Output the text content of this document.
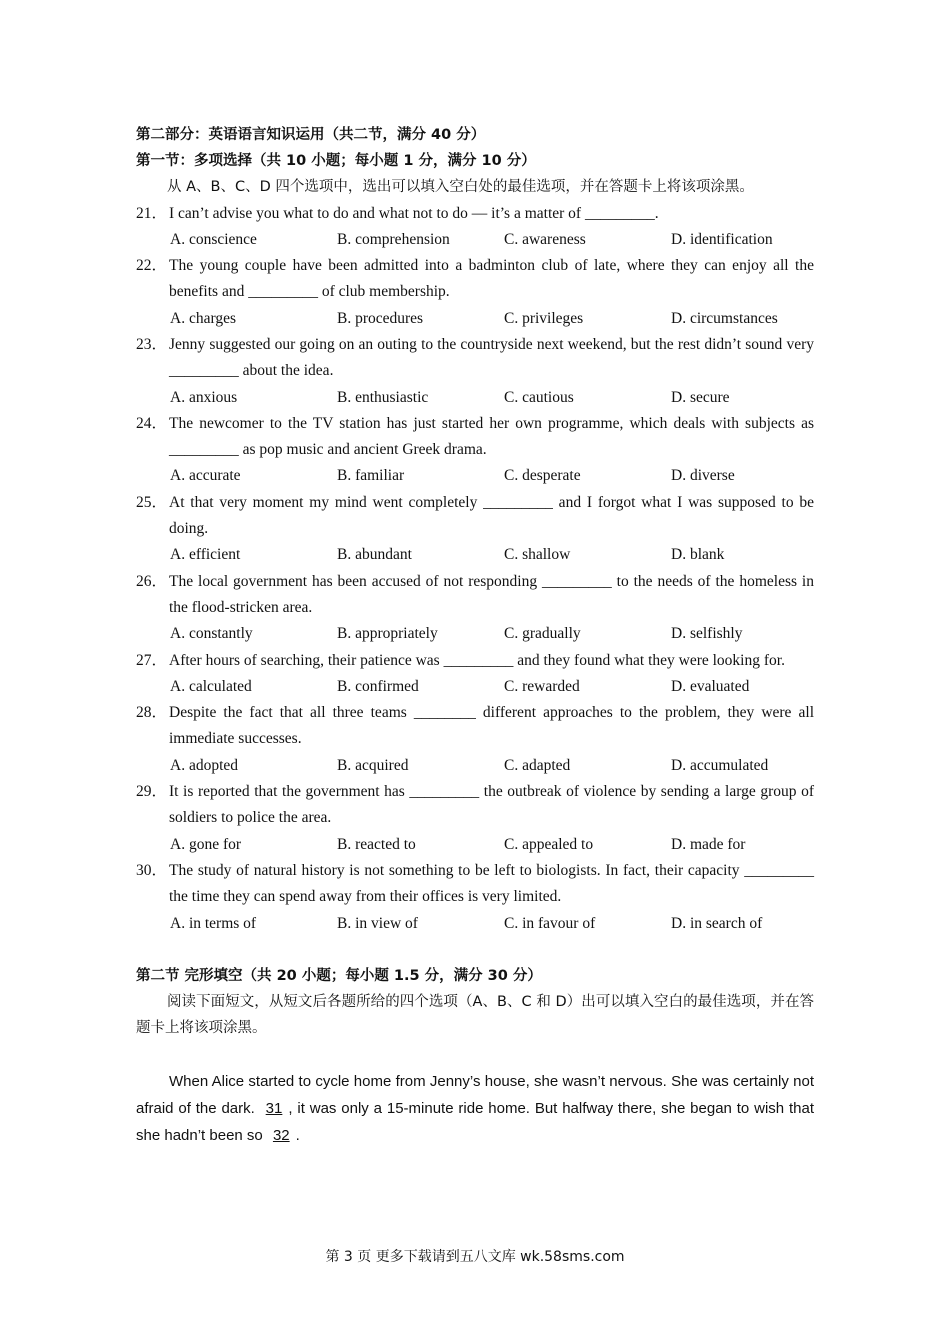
第二部分：英语语言知识运用（共二节，满分 40 分）
第一节：多项选择（共 10 小题；每小题 1 分，满分 10 分）
从 A、B、C、D 四个选项中，选出可以填入空白处的最佳选项，并在答题卡上将该项涂黑。
21． I can’t advise you what to do and what not to do — it’s a matter of _________.
A. conscience	B. comprehension	C. awareness	D. identification
22． The young couple have been admitted into a badminton club of late, where they can enjoy all the benefits and _________ of club membership.
A. charges	B. procedures	C. privileges	D. circumstances
23． Jenny suggested our going on an outing to the countryside next weekend, but the rest didn’t sound very _________ about the idea.
A. anxious	B. enthusiastic	C. cautious	D. secure
24． The newcomer to the TV station has just started her own programme, which deals with subjects as _________ as pop music and ancient Greek drama.
A. accurate	B. familiar	C. desperate	D. diverse
25． At that very moment my mind went completely _________ and I forgot what I was supposed to be doing.
A. efficient	B. abundant	C. shallow	D. blank
26． The local government has been accused of not responding _________ to the needs of the homeless in the flood-stricken area.
A. constantly	B. appropriately	C. gradually	D. selfishly
27． After hours of searching, their patience was _________ and they found what they were looking for.
A. calculated	B. confirmed	C. rewarded	D. evaluated
28． Despite the fact that all three teams ________ different approaches to the problem, they were all immediate successes.
A. adopted	B. acquired	C. adapted	D. accumulated
29． It is reported that the government has _________ the outbreak of violence by sending a large group of soldiers to police the area.
A. gone for	B. reacted to	C. appealed to	D. made for
30． The study of natural history is not something to be left to biologists. In fact, their capacity _________ the time they can spend away from their offices is very limited.
A. in terms of	B. in view of	C. in favour of	D. in search of
第二节 完形填空（共 20 小题；每小题 1.5 分，满分 30 分）
阅读下面短文，从短文后各题所给的四个选项（A、B、C 和 D）出可以填入空白的最佳选项，并在答题卡上将该项涂黑。
When Alice started to cycle home from Jenny’s house, she wasn’t nervous. She was certainly not afraid of the dark. 31 , it was only a 15-minute ride home. But halfway there, she began to wish that she hadn’t been so 32 .
第 3 页 更多下载请到五八文库 wk.58sms.com
